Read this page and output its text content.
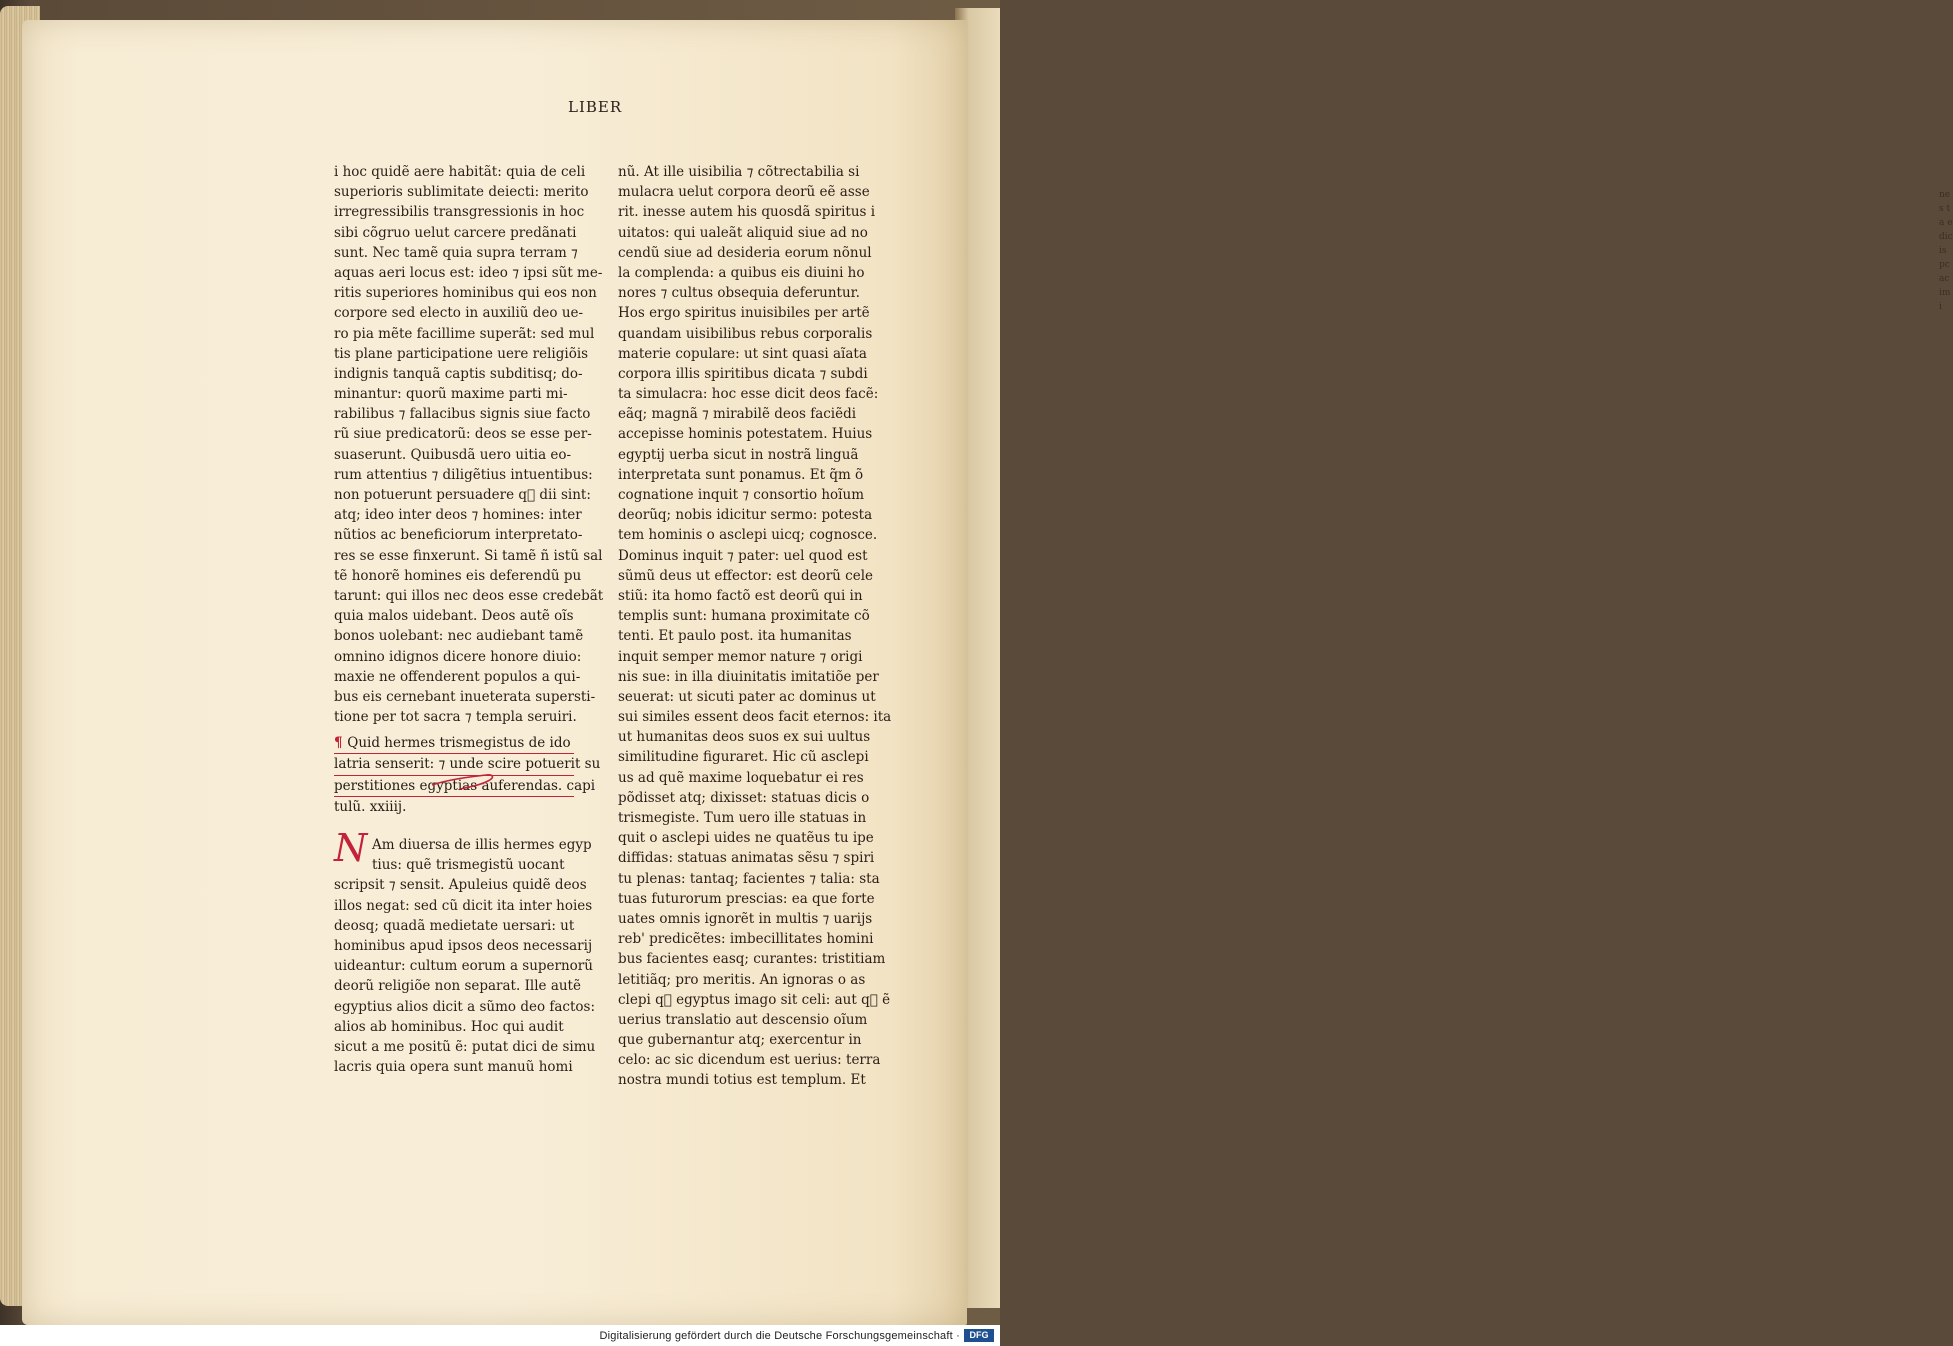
nes ta e dicis pc ac imi
LIBER
i hoc quidẽ aere habitãt: quia de celi
superioris sublimitate deiecti: merito
irregressibilis transgressionis in hoc
sibi cõgruo uelut carcere predãnati
sunt. Nec tamẽ quia supra terram ⁊
aquas aeri locus est: ideo ⁊ ipsi sũt me-
ritis superiores hominibus qui eos non
corpore sed electo in auxiliũ deo ue-
ro pia mẽte facillime superãt: sed mul
tis plane participatione uere religiõis
indignis tanquã captis subditisq; do-
minantur: quorũ maxime parti mi-
rabilibus ⁊ fallacibus signis siue facto
rũ siue predicatorũ: deos se esse per-
suaserunt. Quibusdã uero uitia eo-
rum attentius ⁊ diligẽtius intuentibus:
non potuerunt persuadere q᷑ dii sint:
atq; ideo inter deos ⁊ homines: inter
nũtios ac beneficiorum interpretato-
res se esse finxerunt. Si tamẽ ñ istũ sal
tẽ honorẽ homines eis deferendũ pu
tarunt: qui illos nec deos esse credebãt
quia malos uidebant. Deos autẽ oĩs
bonos uolebant: nec audiebant tamẽ
omnino idignos dicere honore diuio:
maxie ne offenderent populos a qui-
bus eis cernebant inueterata supersti-
tione per tot sacra ⁊ templa seruiri.
¶ Quid hermes trismegistus de ido
latria senserit: ⁊ unde scire potuerit su
perstitiones egyptias auferendas. capi
tulũ. xxiiij.
N Am diuersa de illis hermes egyp
tius: quẽ trismegistũ uocant
scripsit ⁊ sensit. Apuleius quidẽ deos
illos negat: sed cũ dicit ita inter hoies
deosq; quadã medietate uersari: ut
hominibus apud ipsos deos necessarij
uideantur: cultum eorum a supernorũ
deorũ religiõe non separat. Ille autẽ
egyptius alios dicit a sũmo deo factos:
alios ab hominibus. Hoc qui audit
sicut a me positũ ẽ: putat dici de simu
lacris quia opera sunt manuũ homi
nũ. At ille uisibilia ⁊ cõtrectabilia si
mulacra uelut corpora deorũ eẽ asse
rit. inesse autem his quosdã spiritus i
uitatos: qui ualeãt aliquid siue ad no
cendũ siue ad desideria eorum nõnul
la complenda: a quibus eis diuini ho
nores ⁊ cultus obsequia deferuntur.
Hos ergo spiritus inuisibiles per artẽ
quandam uisibilibus rebus corporalis
materie copulare: ut sint quasi aĩata
corpora illis spiritibus dicata ⁊ subdi
ta simulacra: hoc esse dicit deos facẽ:
eãq; magnã ⁊ mirabilẽ deos faciẽdi
accepisse hominis potestatem. Huius
egyptij uerba sicut in nostrã linguã
interpretata sunt ponamus. Et q̃m õ
cognatione inquit ⁊ consortio hoĩum
deorũq; nobis idicitur sermo: potesta
tem hominis o asclepi uicq; cognosce.
Dominus inquit ⁊ pater: uel quod est
sũmũ deus ut effector: est deorũ cele
stiũ: ita homo factõ est deorũ qui in
templis sunt: humana proximitate cõ
tenti. Et paulo post. ita humanitas
inquit semper memor nature ⁊ origi
nis sue: in illa diuinitatis imitatiõe per
seuerat: ut sicuti pater ac dominus ut
sui similes essent deos facit eternos: ita
ut humanitas deos suos ex sui uultus
similitudine figuraret. Hic cũ asclepi
us ad quẽ maxime loquebatur ei res
põdisset atq; dixisset: statuas dicis o
trismegiste. Tum uero ille statuas in
quit o asclepi uides ne quatẽus tu ipe
diffidas: statuas animatas sẽsu ⁊ spiri
tu plenas: tantaq; facientes ⁊ talia: sta
tuas futurorum prescias: ea que forte
uates omnis ignorẽt in multis ⁊ uarijs
reb' predicẽtes: imbecillitates homini
bus facientes easq; curantes: tristitiam
letitiãq; pro meritis. An ignoras o as
clepi q᷑ egyptus imago sit celi: aut q᷑ ẽ
uerius translatio aut descensio oĩum
que gubernantur atq; exercentur in
celo: ac sic dicendum est uerius: terra
nostra mundi totius est templum. Et

Digitalisierung gefördert durch die Deutsche Forschungsgemeinschaft ·	DFG
